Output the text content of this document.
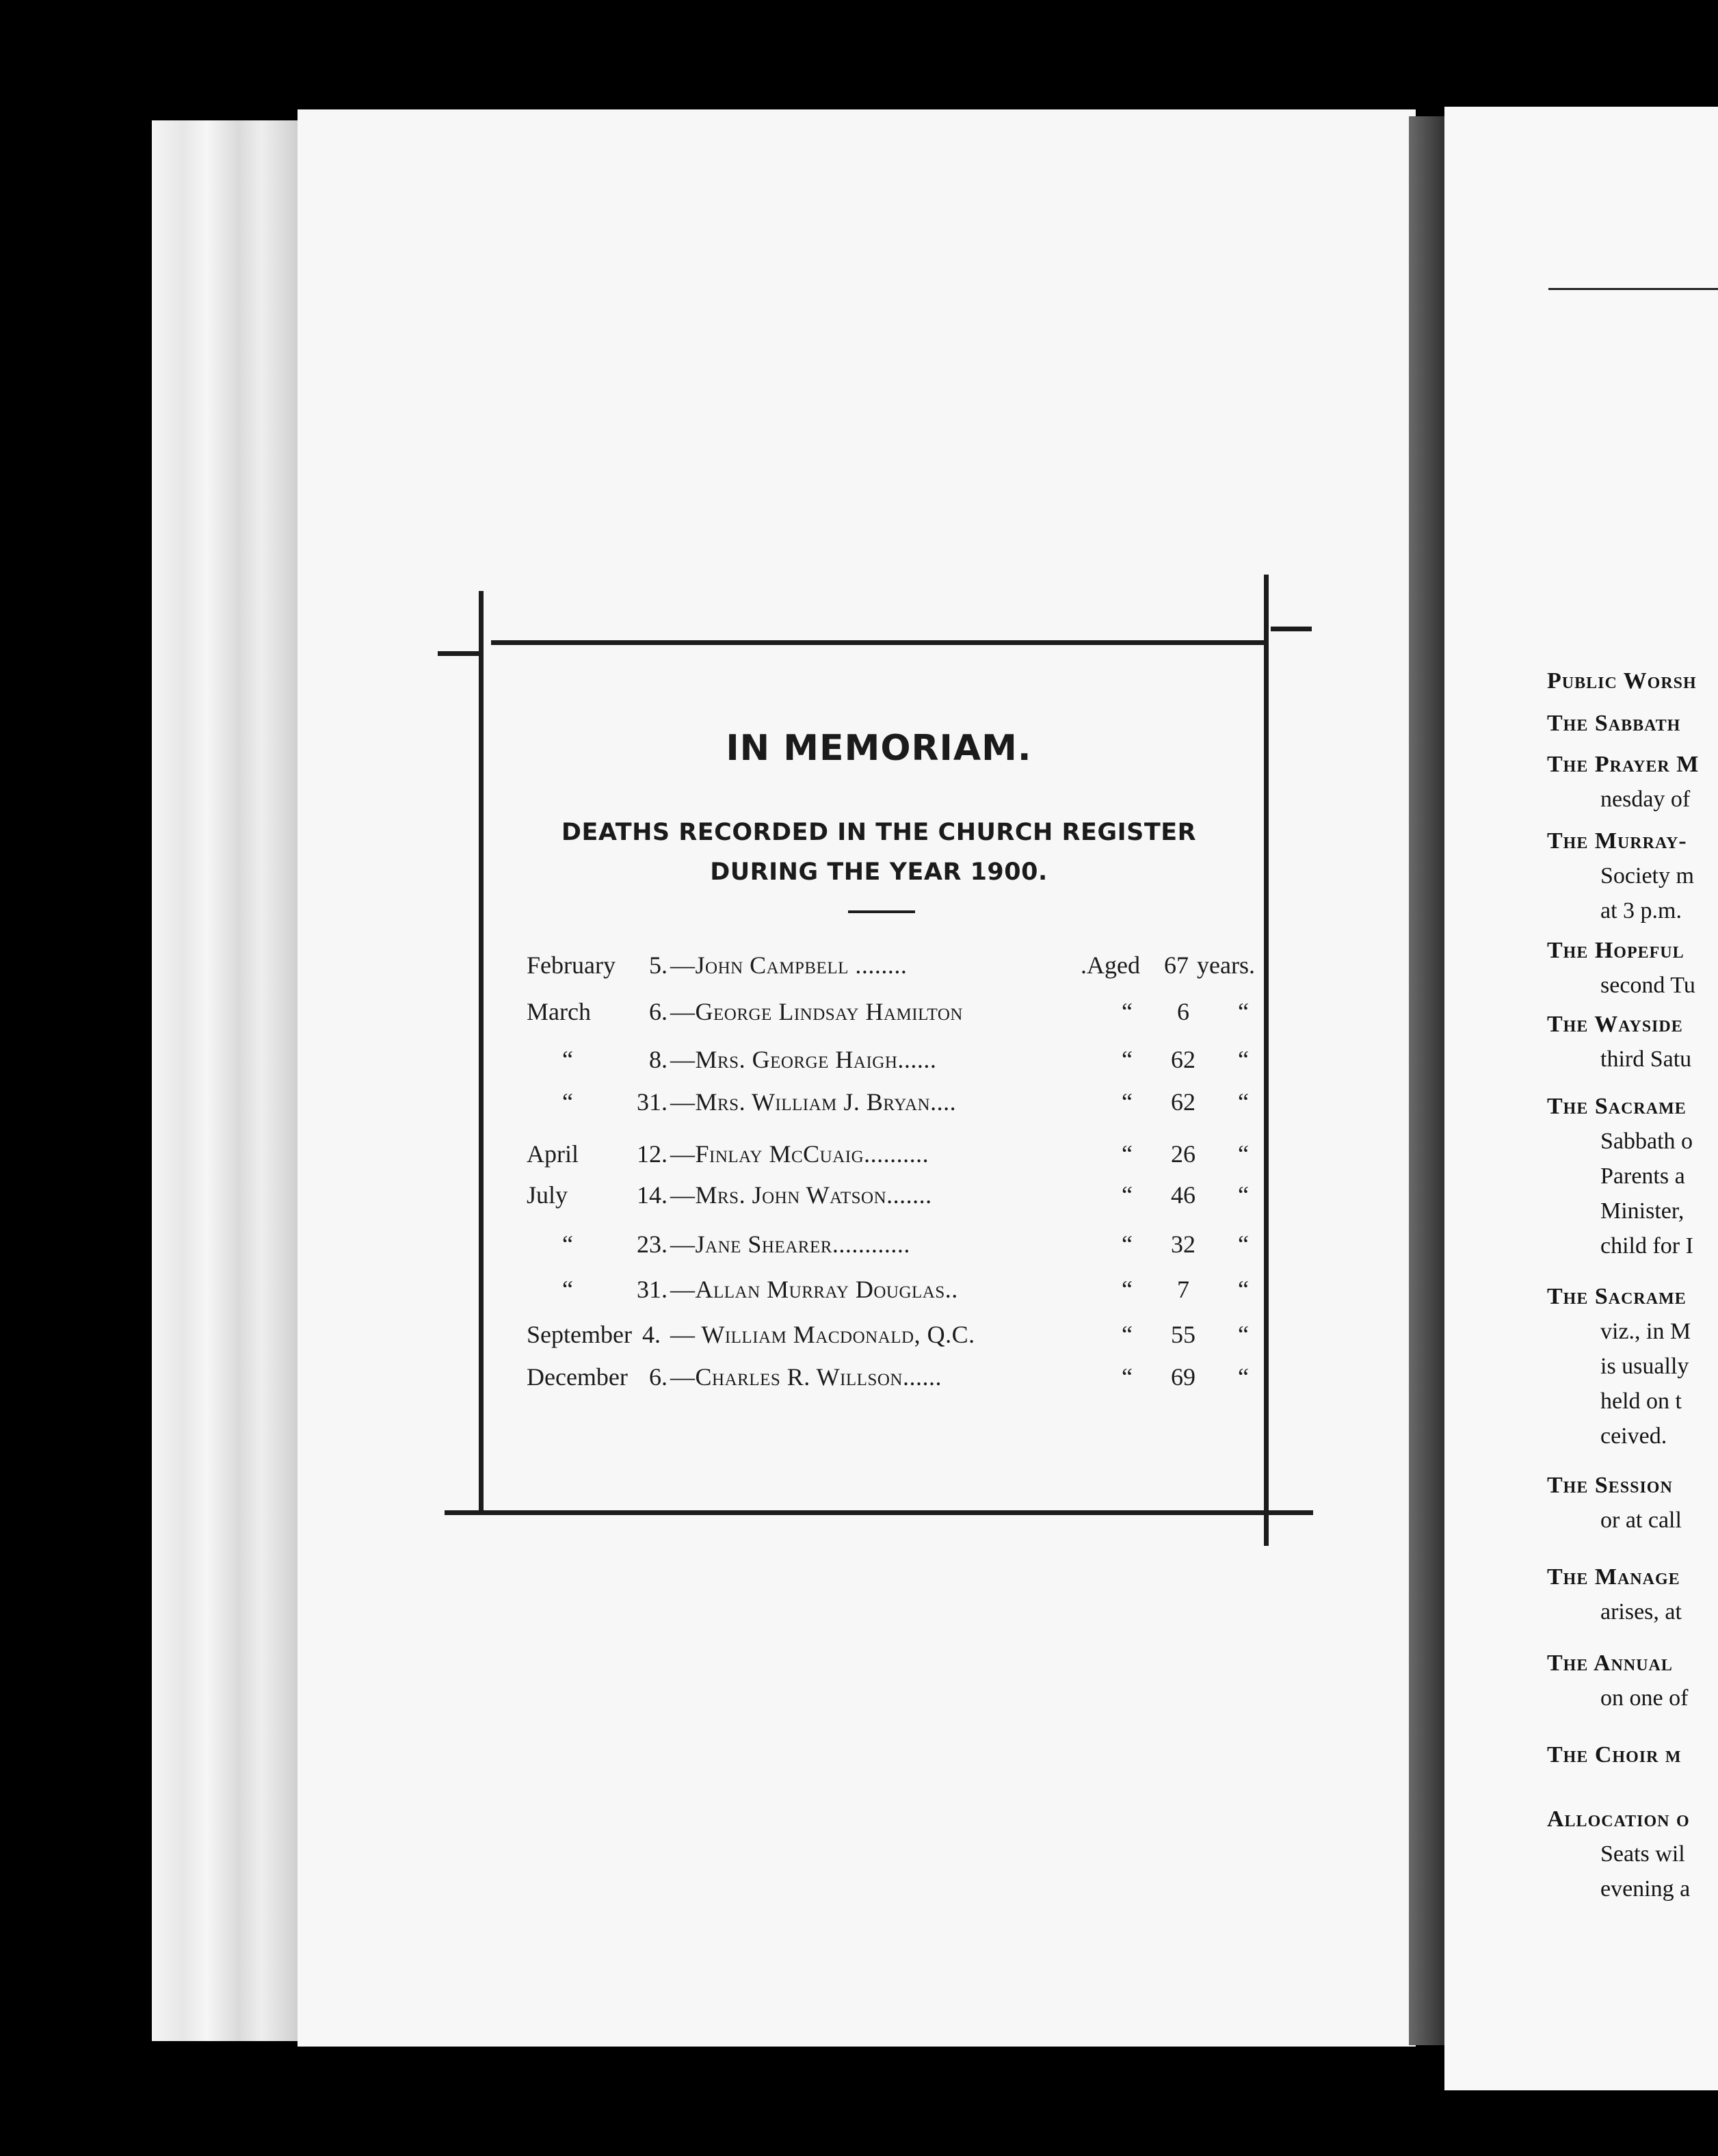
IN MEMORIAM.
DEATHS RECORDED IN THE CHURCH REGISTER
DURING THE YEAR 1900.
February	5. —John Campbell ........	.Aged 67 years.
March	6. —George Lindsay Hamilton	“	6	“
“	8. —Mrs. George Haigh......	“	62	“
“	31. —Mrs. William J. Bryan....	“	62	“
April	12. —Finlay McCuaig..........	“	26	“
July	14. —Mrs. John Watson.......	“	46	“
“	23. —Jane Shearer............	“	32	“
“	31. —Allan Murray Douglas..	“	7	“
September 4. — William Macdonald, Q.C.	“	55	“
December 6. —Charles R. Willson......	“	69	“
Public Worsh
The Sabbath
The Prayer M
nesday of
The Murray-
Society m
at 3 p.m.
The Hopeful
second Tu
The Wayside
third Satu
The Sacrame
Sabbath o
Parents a
Minister,
child for I
The Sacrame
viz., in M
is usually
held on t
ceived.
The Session
or at call
The Manage
arises, at
The Annual
on one of
The Choir m
Allocation o
Seats wil
evening a
